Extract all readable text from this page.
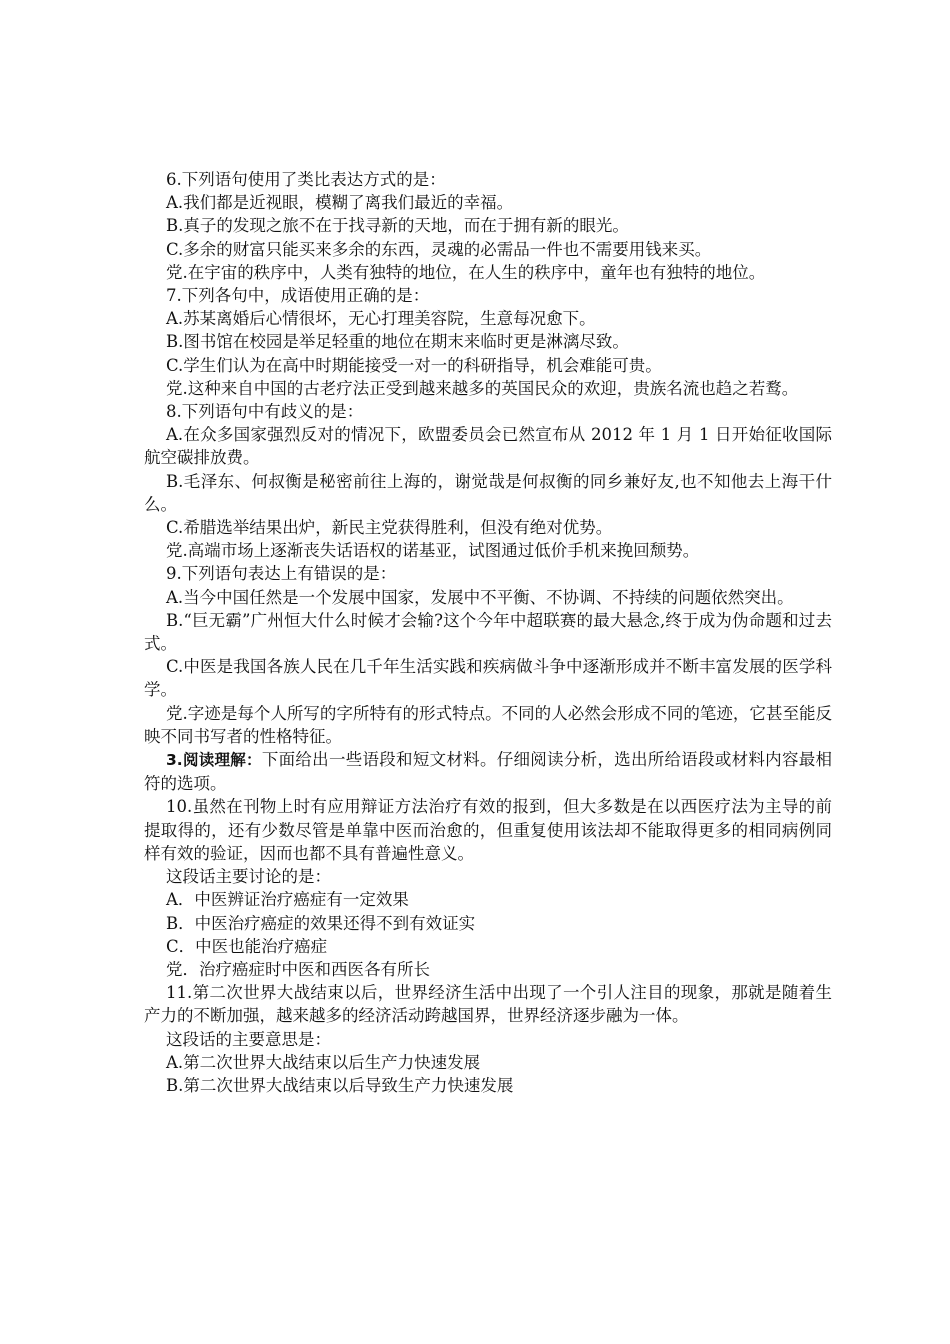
6.下列语句使用了类比表达方式的是：

A.我们都是近视眼，模糊了离我们最近的幸福。

B.真子的发现之旅不在于找寻新的天地，而在于拥有新的眼光。

C.多余的财富只能买来多余的东西，灵魂的必需品一件也不需要用钱来买。

党.在宇宙的秩序中，人类有独特的地位，在人生的秩序中，童年也有独特的地位。

7.下列各句中，成语使用正确的是：

A.苏某离婚后心情很坏，无心打理美容院，生意每况愈下。

B.图书馆在校园是举足轻重的地位在期末来临时更是淋漓尽致。

C.学生们认为在高中时期能接受一对一的科研指导，机会难能可贵。

党.这种来自中国的古老疗法正受到越来越多的英国民众的欢迎，贵族名流也趋之若鹜。

8.下列语句中有歧义的是：

A.在众多国家强烈反对的情况下，欧盟委员会已然宣布从 2012 年 1 月 1 日开始征收国际航空碳排放费。

B.毛泽东、何叔衡是秘密前往上海的，谢觉哉是何叔衡的同乡兼好友,也不知他去上海干什么。

C.希腊选举结果出炉，新民主党获得胜利，但没有绝对优势。

党.高端市场上逐渐丧失话语权的诺基亚，试图通过低价手机来挽回颓势。

9.下列语句表达上有错误的是：

A.当今中国任然是一个发展中国家，发展中不平衡、不协调、不持续的问题依然突出。

B.“巨无霸”广州恒大什么时候才会输?这个今年中超联赛的最大悬念,终于成为伪命题和过去式。

C.中医是我国各族人民在几千年生活实践和疾病做斗争中逐渐形成并不断丰富发展的医学科学。

党.字迹是每个人所写的字所特有的形式特点。不同的人必然会形成不同的笔迹，它甚至能反映不同书写者的性格特征。

3.阅读理解：下面给出一些语段和短文材料。仔细阅读分析，选出所给语段或材料内容最相符的选项。

10.虽然在刊物上时有应用辩证方法治疗有效的报到，但大多数是在以西医疗法为主导的前提取得的，还有少数尽管是单靠中医而治愈的，但重复使用该法却不能取得更多的相同病例同样有效的验证，因而也都不具有普遍性意义。

这段话主要讨论的是：

A．中医辨证治疗癌症有一定效果

B．中医治疗癌症的效果还得不到有效证实

C．中医也能治疗癌症

党．治疗癌症时中医和西医各有所长

11.第二次世界大战结束以后，世界经济生活中出现了一个引人注目的现象，那就是随着生产力的不断加强，越来越多的经济活动跨越国界，世界经济逐步融为一体。

这段话的主要意思是：

A.第二次世界大战结束以后生产力快速发展

B.第二次世界大战结束以后导致生产力快速发展
